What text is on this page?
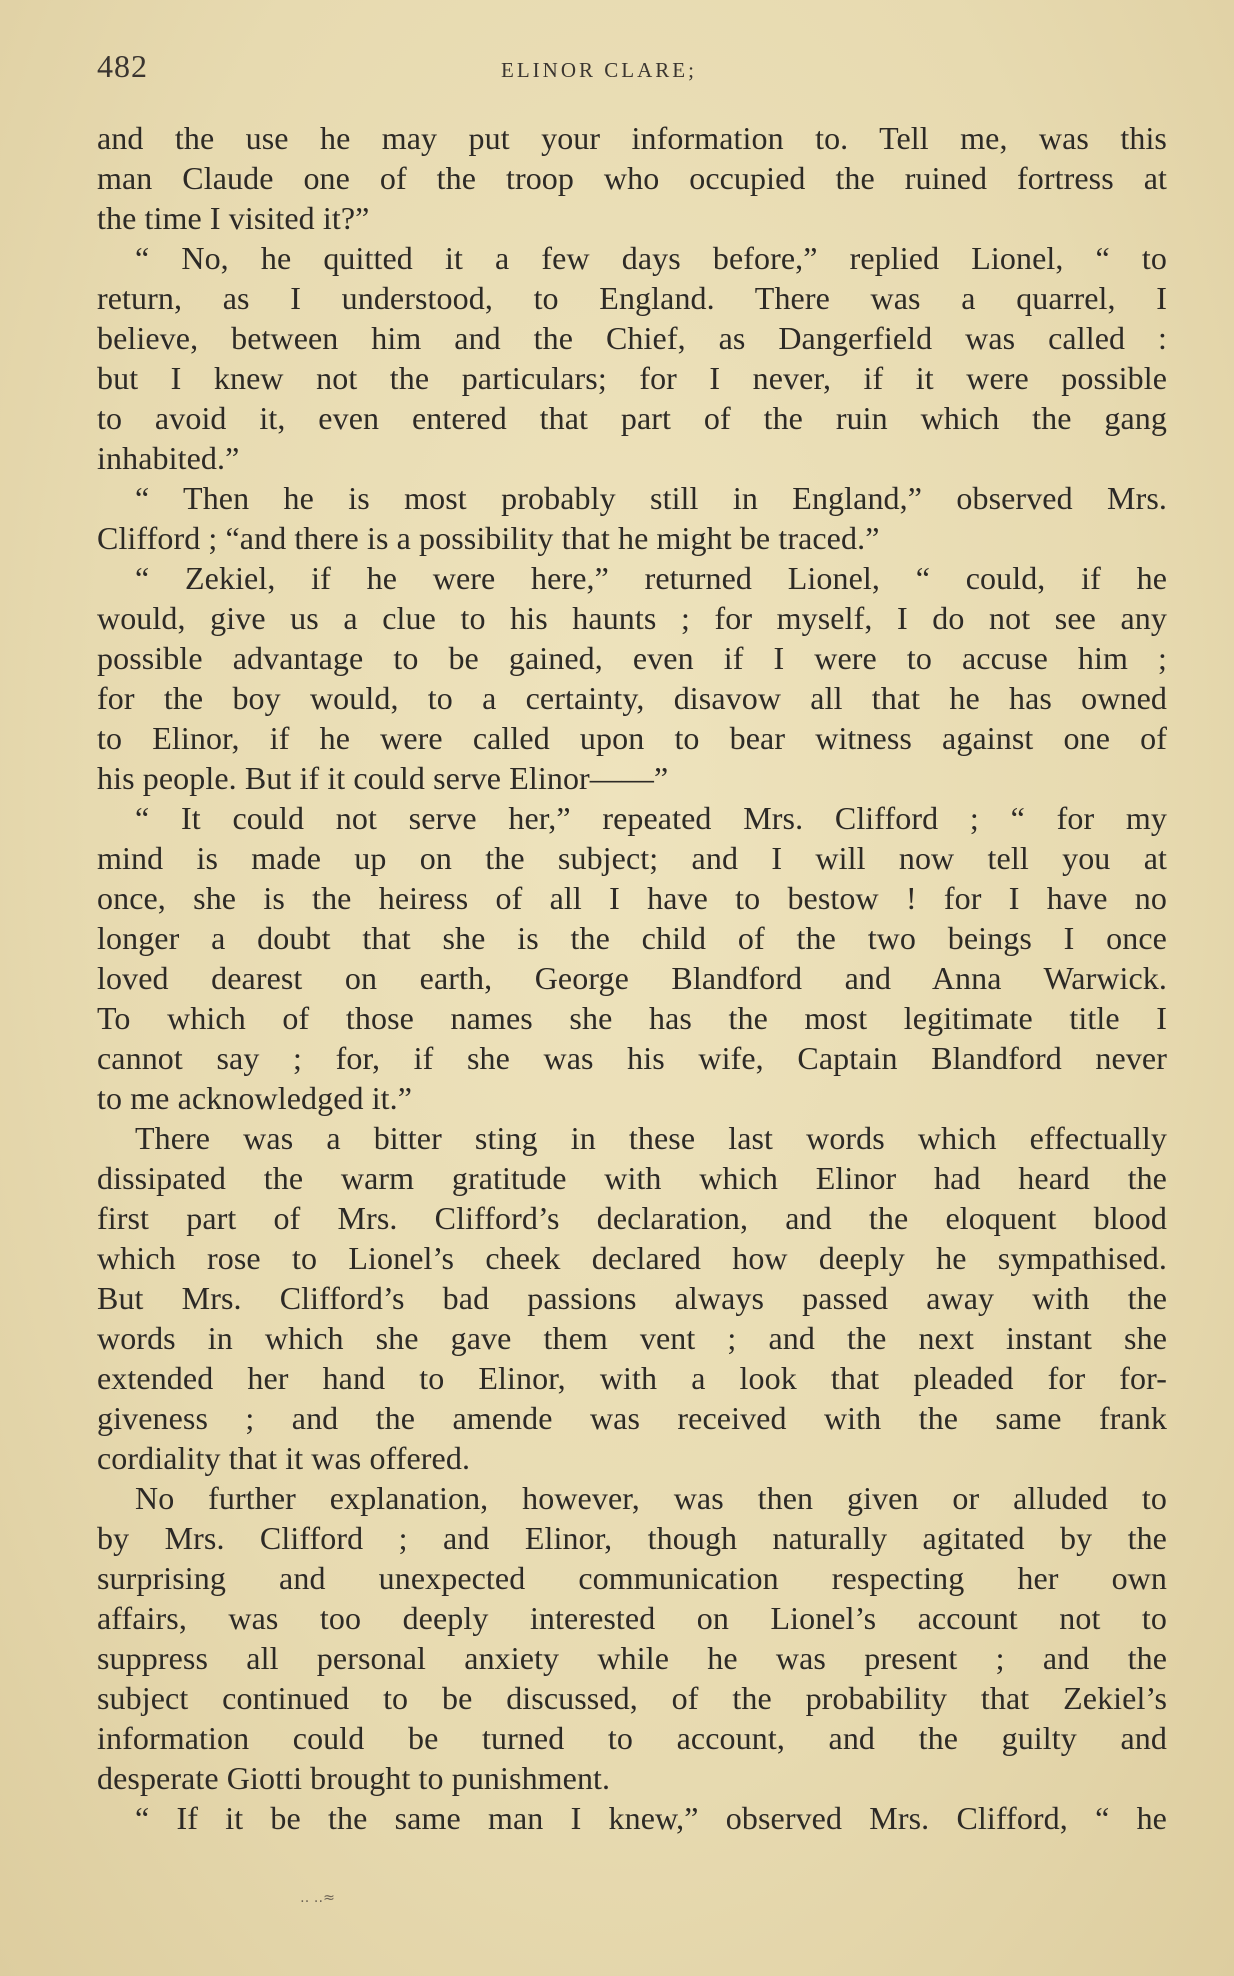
482	ELINOR CLARE;
and the use he may put your information to. Tell me, was this
man Claude one of the troop who occupied the ruined fortress at
the time I visited it?”
“ No, he quitted it a few days before,” replied Lionel, “ to
return, as I understood, to England. There was a quarrel, I
believe, between him and the Chief, as Dangerfield was called :
but I knew not the particulars; for I never, if it were possible
to avoid it, even entered that part of the ruin which the gang
inhabited.”
“ Then he is most probably still in England,” observed Mrs.
Clifford ; “and there is a possibility that he might be traced.”
“ Zekiel, if he were here,” returned Lionel, “ could, if he
would, give us a clue to his haunts ; for myself, I do not see any
possible advantage to be gained, even if I were to accuse him ;
for the boy would, to a certainty, disavow all that he has owned
to Elinor, if he were called upon to bear witness against one of
his people. But if it could serve Elinor——”
“ It could not serve her,” repeated Mrs. Clifford ; “ for my
mind is made up on the subject; and I will now tell you at
once, she is the heiress of all I have to bestow ! for I have no
longer a doubt that she is the child of the two beings I once
loved dearest on earth, George Blandford and Anna Warwick.
To which of those names she has the most legitimate title I
cannot say ; for, if she was his wife, Captain Blandford never
to me acknowledged it.”
There was a bitter sting in these last words which effectually
dissipated the warm gratitude with which Elinor had heard the
first part of Mrs. Clifford’s declaration, and the eloquent blood
which rose to Lionel’s cheek declared how deeply he sympathised.
But Mrs. Clifford’s bad passions always passed away with the
words in which she gave them vent ; and the next instant she
extended her hand to Elinor, with a look that pleaded for for-
giveness ; and the amende was received with the same frank
cordiality that it was offered.
No further explanation, however, was then given or alluded to
by Mrs. Clifford ; and Elinor, though naturally agitated by the
surprising and unexpected communication respecting her own
affairs, was too deeply interested on Lionel’s account not to
suppress all personal anxiety while he was present ; and the
subject continued to be discussed, of the probability that Zekiel’s
information could be turned to account, and the guilty and
desperate Giotti brought to punishment.
“ If it be the same man I knew,” observed Mrs. Clifford, “ he
‥ ‥≈
